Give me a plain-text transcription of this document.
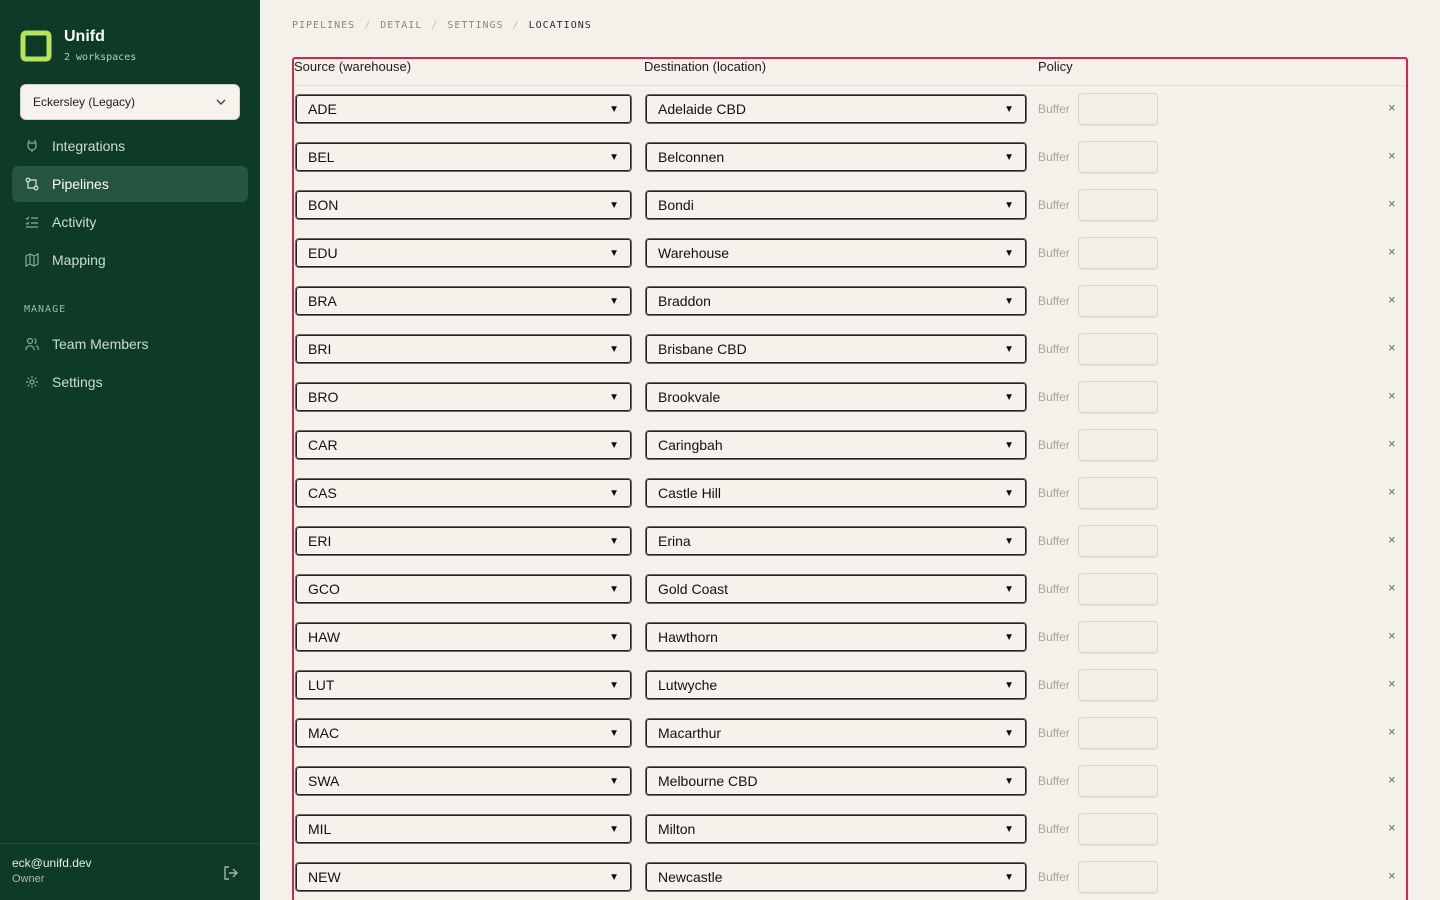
Unifd
2 workspaces
Eckersley (Legacy)
Integrations
Pipelines
Activity
Mapping
MANAGE
Team Members
Settings
eck@unifd.dev
Owner
PIPELINES / DETAIL / SETTINGS / LOCATIONS
Source (warehouse)	Destination (location)	Policy
ADE	▼	Adelaide CBD	▼ Buffer	×
BEL	▼	Belconnen	▼ Buffer	×
BON	▼	Bondi	▼ Buffer	×
EDU	▼	Warehouse	▼ Buffer	×
BRA	▼	Braddon	▼ Buffer	×
BRI	▼	Brisbane CBD	▼ Buffer	×
BRO	▼	Brookvale	▼ Buffer	×
CAR	▼	Caringbah	▼ Buffer	×
CAS	▼	Castle Hill	▼ Buffer	×
ERI	▼	Erina	▼ Buffer	×
GCO	▼	Gold Coast	▼ Buffer	×
HAW	▼	Hawthorn	▼ Buffer	×
LUT	▼	Lutwyche	▼ Buffer	×
MAC	▼	Macarthur	▼ Buffer	×
SWA	▼	Melbourne CBD	▼ Buffer	×
MIL	▼	Milton	▼ Buffer	×
NEW	▼	Newcastle	▼ Buffer	×
